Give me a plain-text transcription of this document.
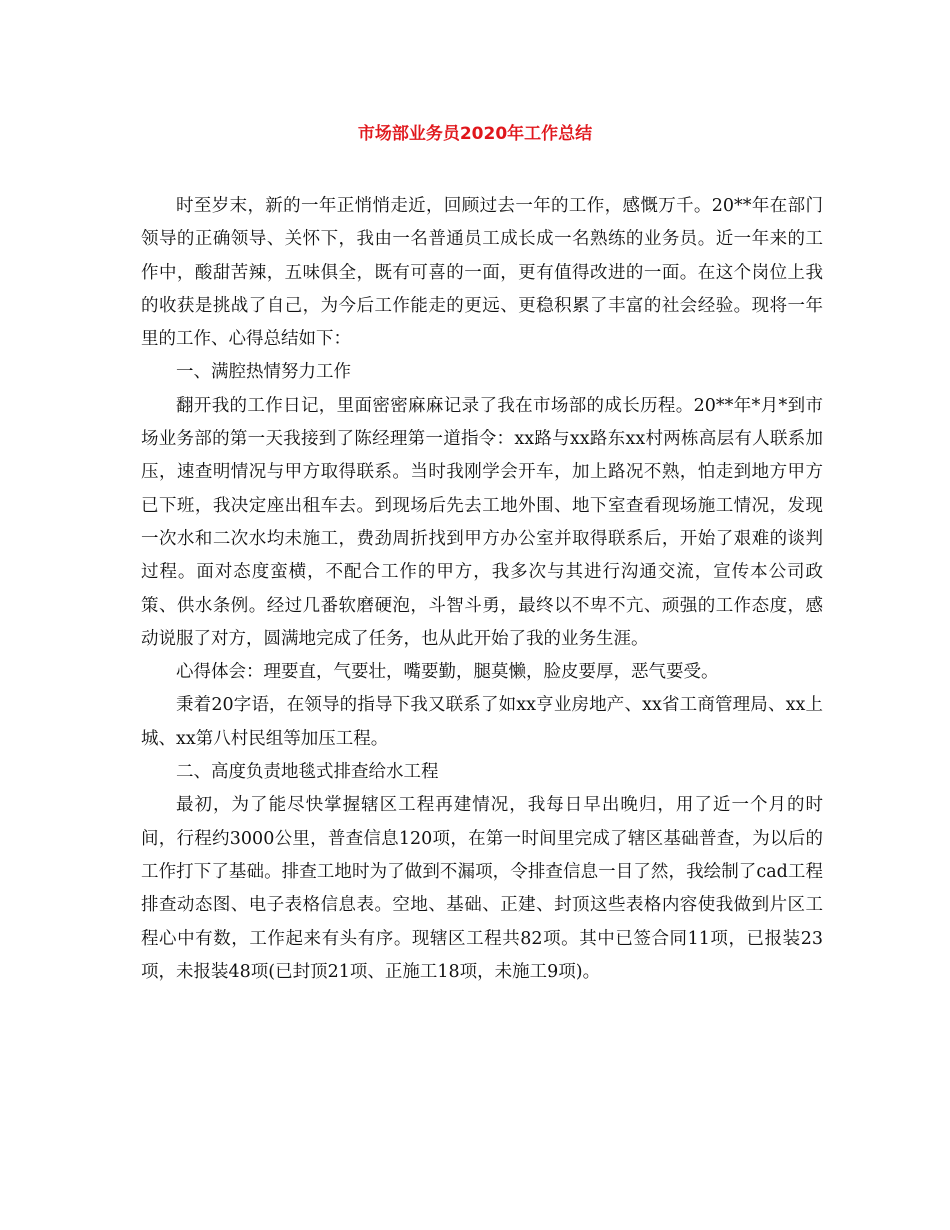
市场部业务员2020年工作总结

时至岁末，新的一年正悄悄走近，回顾过去一年的工作，感慨万千。20**年在部门领导的正确领导、关怀下，我由一名普通员工成长成一名熟练的业务员。近一年来的工作中，酸甜苦辣，五味俱全，既有可喜的一面，更有值得改进的一面。在这个岗位上我的收获是挑战了自己，为今后工作能走的更远、更稳积累了丰富的社会经验。现将一年里的工作、心得总结如下：

一、满腔热情努力工作

翻开我的工作日记，里面密密麻麻记录了我在市场部的成长历程。20**年*月*到市场业务部的第一天我接到了陈经理第一道指令：xx路与xx路东xx村两栋高层有人联系加压，速查明情况与甲方取得联系。当时我刚学会开车，加上路况不熟，怕走到地方甲方已下班，我决定座出租车去。到现场后先去工地外围、地下室查看现场施工情况，发现一次水和二次水均未施工，费劲周折找到甲方办公室并取得联系后，开始了艰难的谈判过程。面对态度蛮横，不配合工作的甲方，我多次与其进行沟通交流，宣传本公司政策、供水条例。经过几番软磨硬泡，斗智斗勇，最终以不卑不亢、顽强的工作态度，感动说服了对方，圆满地完成了任务，也从此开始了我的业务生涯。

心得体会：理要直，气要壮，嘴要勤，腿莫懒，脸皮要厚，恶气要受。

秉着20字语，在领导的指导下我又联系了如xx亨业房地产、xx省工商管理局、xx上城、xx第八村民组等加压工程。

二、高度负责地毯式排查给水工程

最初，为了能尽快掌握辖区工程再建情况，我每日早出晚归，用了近一个月的时间，行程约3000公里，普查信息120项，在第一时间里完成了辖区基础普查，为以后的工作打下了基础。排查工地时为了做到不漏项，令排查信息一目了然，我绘制了cad工程排查动态图、电子表格信息表。空地、基础、正建、封顶这些表格内容使我做到片区工程心中有数，工作起来有头有序。现辖区工程共82项。其中已签合同11项，已报装23项，未报装48项(已封顶21项、正施工18项，未施工9项)。
